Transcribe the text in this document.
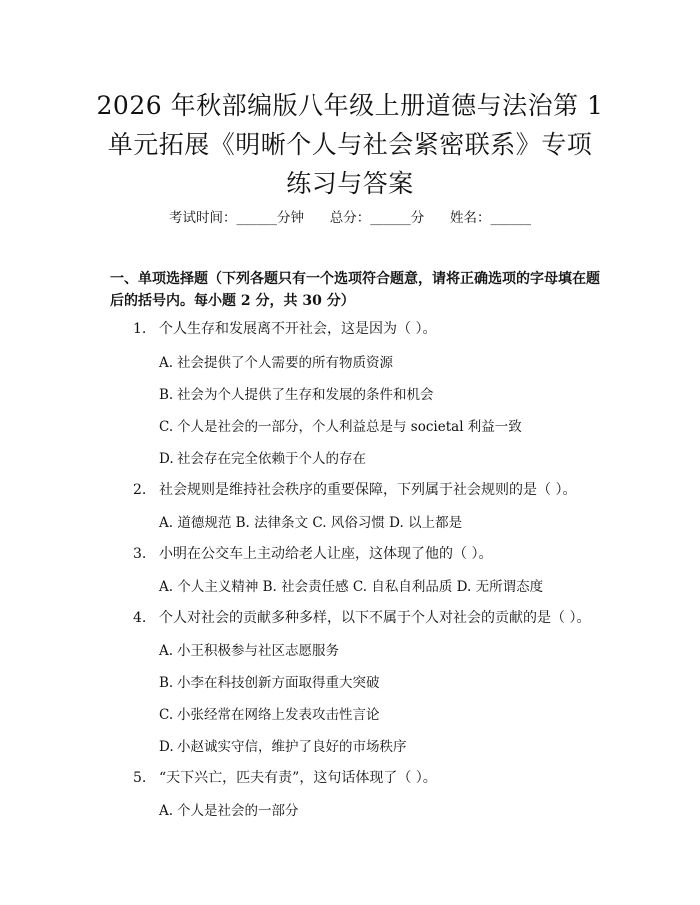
2026 年秋部编版八年级上册道德与法治第 1
单元拓展《明晰个人与社会紧密联系》专项
练习与答案
考试时间：______分钟      总分：______分      姓名：______
一、单项选择题（下列各题只有一个选项符合题意，请将正确选项的字母填在题
后的括号内。每小题 2 分，共 30 分）
1. 个人生存和发展离不开社会，这是因为（ ）。
A. 社会提供了个人需要的所有物质资源
B. 社会为个人提供了生存和发展的条件和机会
C. 个人是社会的一部分，个人利益总是与 societal 利益一致
D. 社会存在完全依赖于个人的存在
2. 社会规则是维持社会秩序的重要保障，下列属于社会规则的是（ ）。
A. 道德规范 B. 法律条文 C. 风俗习惯 D. 以上都是
3. 小明在公交车上主动给老人让座，这体现了他的（ ）。
A. 个人主义精神 B. 社会责任感 C. 自私自利品质 D. 无所谓态度
4. 个人对社会的贡献多种多样，以下不属于个人对社会的贡献的是（ ）。
A. 小王积极参与社区志愿服务
B. 小李在科技创新方面取得重大突破
C. 小张经常在网络上发表攻击性言论
D. 小赵诚实守信，维护了良好的市场秩序
5. “天下兴亡，匹夫有责”，这句话体现了（ ）。
A. 个人是社会的一部分
